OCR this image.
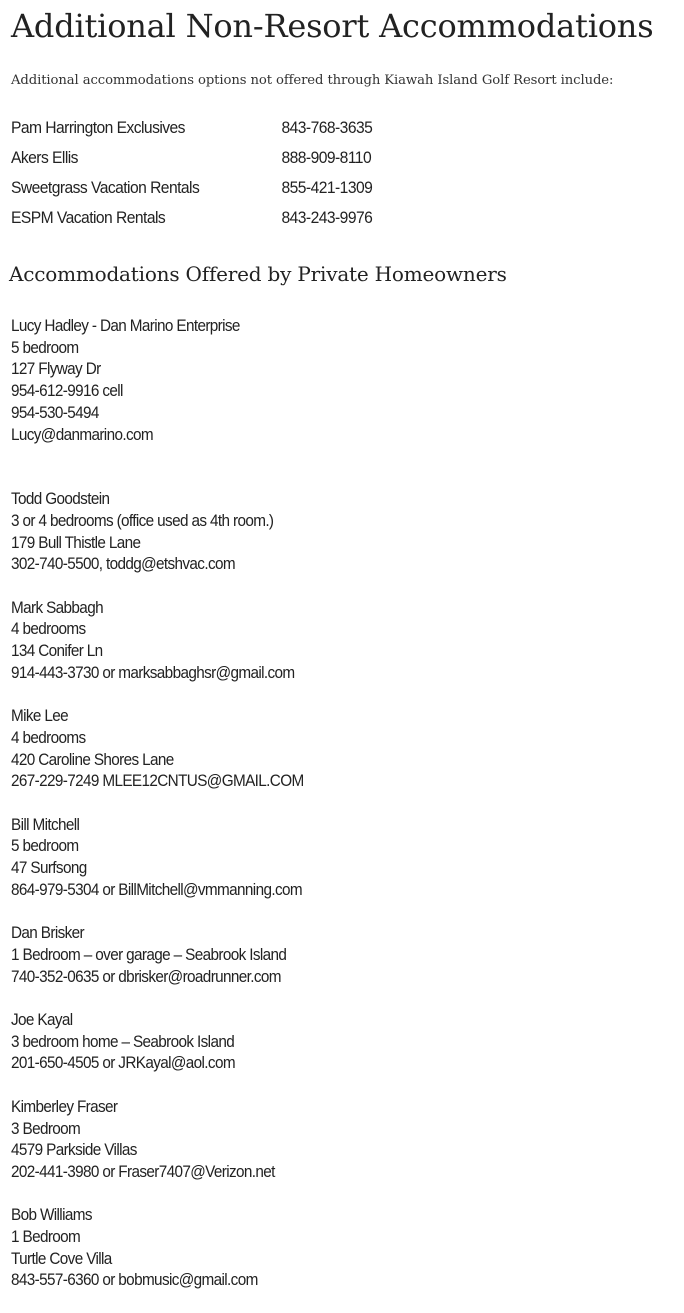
Additional Non-Resort Accommodations

Additional accommodations options not offered through Kiawah Island Golf Resort include:

Pam Harrington Exclusives	843-768-3635
Akers Ellis	888-909-8110
Sweetgrass Vacation Rentals	855-421-1309
ESPM Vacation Rentals	843-243-9976
Accommodations Offered by Private Homeowners
Lucy Hadley - Dan Marino Enterprise
5 bedroom
127 Flyway Dr
954-612-9916 cell
954-530-5494
Lucy@danmarino.com
Todd Goodstein
3 or 4 bedrooms (office used as 4th room.)
179 Bull Thistle Lane
302-740-5500, toddg@etshvac.com
Mark Sabbagh
4 bedrooms
134 Conifer Ln
914-443-3730 or marksabbaghsr@gmail.com
Mike Lee
4 bedrooms
420 Caroline Shores Lane
267-229-7249 MLEE12CNTUS@GMAIL.COM
Bill Mitchell
5 bedroom
47 Surfsong
864-979-5304 or BillMitchell@vmmanning.com
Dan Brisker
1 Bedroom – over garage – Seabrook Island
740-352-0635 or dbrisker@roadrunner.com
Joe Kayal
3 bedroom home – Seabrook Island
201-650-4505 or JRKayal@aol.com
Kimberley Fraser
3 Bedroom
4579 Parkside Villas
202-441-3980 or Fraser7407@Verizon.net
Bob Williams
1 Bedroom
Turtle Cove Villa
843-557-6360 or bobmusic@gmail.com
